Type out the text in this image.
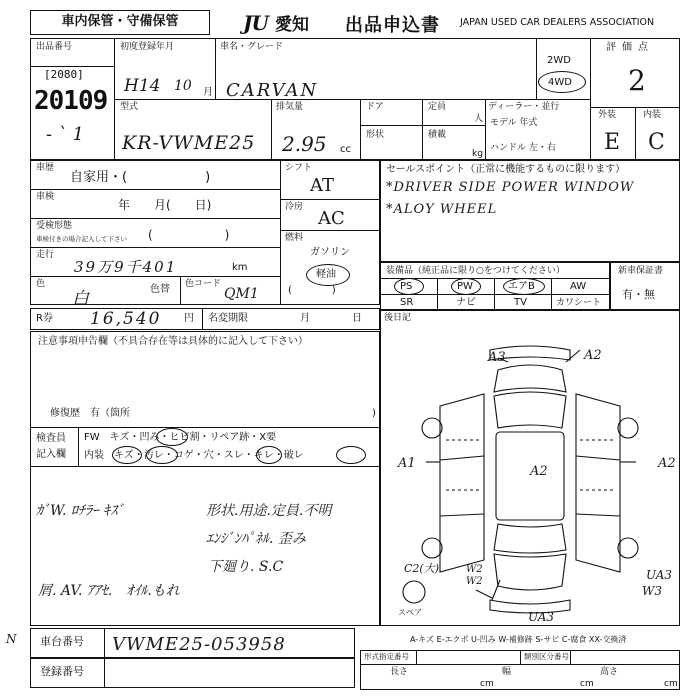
車内保管・守備保管	JU 愛知 出品申込書 JAPAN USED CAR DEALERS ASSOCIATION
出品番号
[2080]
20109
- ` 1
初度登録年月
H14 10 月
車名・グレード
CARVAN
2WD
4WD
評価点
2
型式
KR-VWME25
排気量
2.95 cc
ドア	定員
人
形状	積載
kg
ディーラー・並行
モデル 年式
ハンドル 左・右
外装	内装
E C
車歴
自家用・(　　　　　　)
車検
年　　月(　　日)
受検形態
車検付きの場合記入して下さい (　　　　　　)
走行
39万9千401	km
色
白	色替 色コード
QM1
シフト
AT
冷房
AC
燃料
ガソリン
軽油
(　　　　)
R券 16,540 円 名変期限	月	日
注意事項申告欄（不具合存在等は具体的に記入して下さい）
修復歴　有（箇所	)
検査員
記入欄
FW　キズ・凹み・ヒビ割・リペア跡・X要
内装　キズ・汚レ・コゲ・穴・スレ・キレ・破レ
ｶﾞW. ﾛﾁﾗｰ ｷｽﾞ	形状.用途.定員.不明
ｴﾝｼﾞﾝﾊﾟﾈﾙ. 歪み
下廻り. S.C
屑. AV. ｱｱｾ.　ｵｲﾙ.もれ
セールスポイント（正常に機能するものに限ります）
*DRIVER SIDE POWER WINDOW
*ALOY WHEEL
装備品（純正品に限り○をつけてください）
PS	PW	エアB	AW
SR	ナビ	TV	カワシート
新車保証書
有・無
後日記
A3	A2
A1
A2
A2
C2(大)	W2
W2	UA3
W3
UA3
スペア
A-キズ E-エクボ U-凹み W-補修跡 S-サビ C-腐食 XX-交換済
N 車台番号 VWME25-053958
登録番号
形式指定番号	類別区分番号
長さ
cm
幅
cm
高さ
cm
